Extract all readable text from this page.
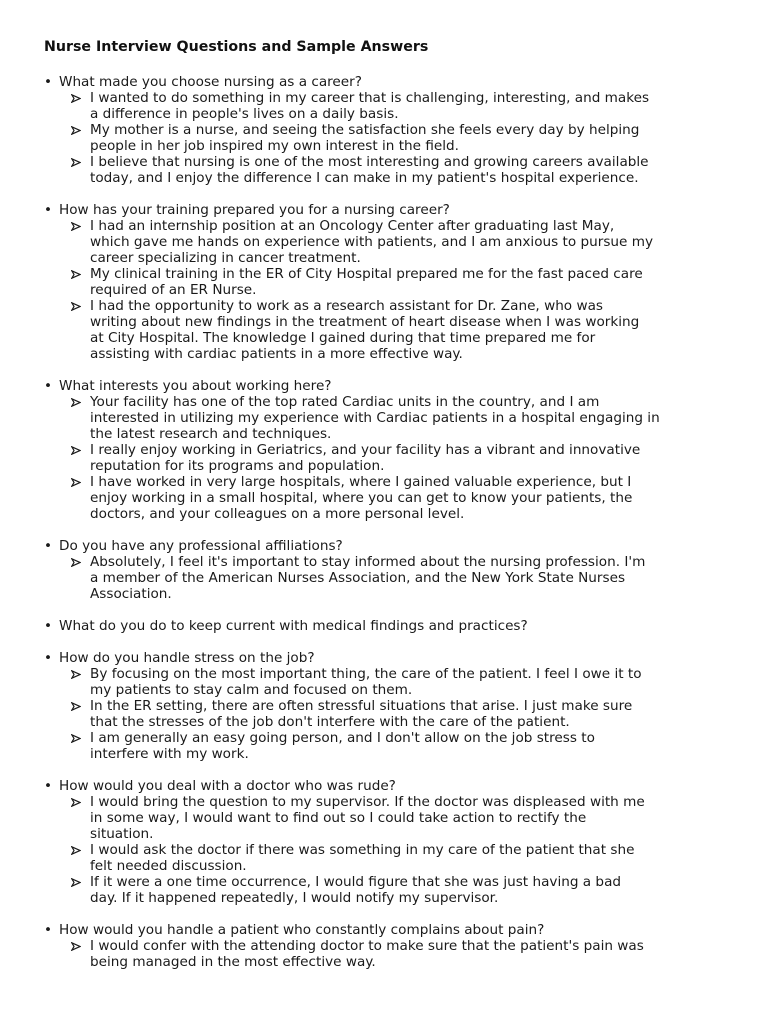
Nurse Interview Questions and Sample Answers
• What made you choose nursing as a career?
I wanted to do something in my career that is challenging, interesting, and makes
a difference in people's lives on a daily basis.
My mother is a nurse, and seeing the satisfaction she feels every day by helping
people in her job inspired my own interest in the field.
I believe that nursing is one of the most interesting and growing careers available
today, and I enjoy the difference I can make in my patient's hospital experience.
• How has your training prepared you for a nursing career?
I had an internship position at an Oncology Center after graduating last May,
which gave me hands on experience with patients, and I am anxious to pursue my
career specializing in cancer treatment.
My clinical training in the ER of City Hospital prepared me for the fast paced care
required of an ER Nurse.
I had the opportunity to work as a research assistant for Dr. Zane, who was
writing about new findings in the treatment of heart disease when I was working
at City Hospital. The knowledge I gained during that time prepared me for
assisting with cardiac patients in a more effective way.
• What interests you about working here?
Your facility has one of the top rated Cardiac units in the country, and I am
interested in utilizing my experience with Cardiac patients in a hospital engaging in
the latest research and techniques.
I really enjoy working in Geriatrics, and your facility has a vibrant and innovative
reputation for its programs and population.
I have worked in very large hospitals, where I gained valuable experience, but I
enjoy working in a small hospital, where you can get to know your patients, the
doctors, and your colleagues on a more personal level.
• Do you have any professional affiliations?
Absolutely, I feel it's important to stay informed about the nursing profession. I'm
a member of the American Nurses Association, and the New York State Nurses
Association.
• What do you do to keep current with medical findings and practices?
• How do you handle stress on the job?
By focusing on the most important thing, the care of the patient. I feel I owe it to
my patients to stay calm and focused on them.
In the ER setting, there are often stressful situations that arise. I just make sure
that the stresses of the job don't interfere with the care of the patient.
I am generally an easy going person, and I don't allow on the job stress to
interfere with my work.
• How would you deal with a doctor who was rude?
I would bring the question to my supervisor. If the doctor was displeased with me
in some way, I would want to find out so I could take action to rectify the
situation.
I would ask the doctor if there was something in my care of the patient that she
felt needed discussion.
If it were a one time occurrence, I would figure that she was just having a bad
day. If it happened repeatedly, I would notify my supervisor.
• How would you handle a patient who constantly complains about pain?
I would confer with the attending doctor to make sure that the patient's pain was
being managed in the most effective way.
